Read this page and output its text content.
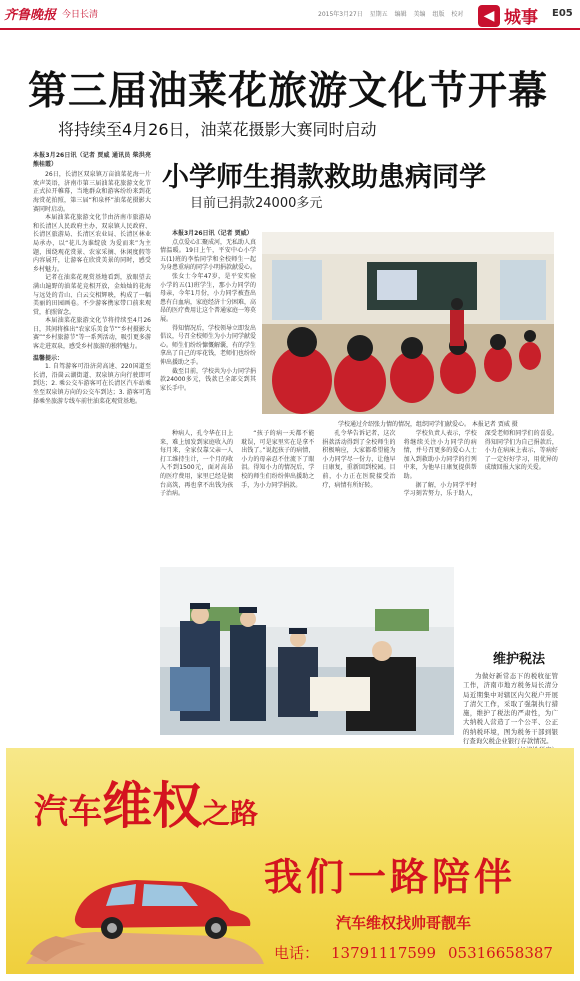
齐鲁晚报 今日长清	2015年3月27日 星期五 编辑 美编 组版 校对	◀ 城事 E05
第三届油菜花旅游文化节开幕
将持续至4月26日，油菜花摄影大赛同时启动
本报3月26日讯（记者 贾威 通讯员 柴洪亮 熊桂霞）

26日，长清区双泉镇万亩油菜花海一片欢声笑语，济南市第三届油菜花旅游文化节正式拉开帷幕，当地群众和游客纷纷来到花海赏花拍照，第三届“和泉杯”油菜花摄影大赛同时启动。

本届油菜花旅游文化节由济南市旅游局和长清区人民政府主办，双泉镇人民政府、长清区旅游局、长清区农业局、长清区林业局承办，以“花儿为谁绽放 为爱而来”为主题，围绕观花赏景、农家采摘、休闲度假等内容展开，让游客在欣赏美景的同时，感受乡村魅力。

记者在油菜花观赏基地看到，放眼望去满山遍野的油菜花竞相开放，金灿灿的花海与远处的青山、白云交相辉映，构成了一幅美丽的田园画卷。不少游客携家带口前来观赏，拍照留念。

本届油菜花旅游文化节将持续至4月26日，其间将推出“农家乐美食节”“乡村摄影大赛”“乡村旅游节”等一系列活动，吸引更多游客走进双泉，感受乡村旅游的独特魅力。

温馨提示：

1. 自驾游客可沿济菏高速、220国道至长清，沿崮云湖街道、双泉镇方向行驶即可到达；2. 乘公交车游客可在长清区汽车站乘坐至双泉镇方向的公交车到达；3. 游客可选择乘坐旅游专线车前往油菜花观赏基地。

小学师生捐款救助患病同学
目前已捐款24000多元

本报3月26日讯（记者 贾威）

点点爱心汇聚成河，无私助人真情温暖。19日上午，平安中心小学五(1)班的李怡同学和全校师生一起为身患重病的同学小明捐款献爱心。

张女士今年47岁，是平安实验小学的五(1)班学生，那小力同学的母亲，今年1月份，小力同学被查出患有白血病，家庭经济十分困难，高昂的医疗费用让这个普通家庭一筹莫展。

得知情况后，学校领导立即发出倡议，号召全校师生为小力同学献爱心。师生们纷纷慷慨解囊，有的学生拿出了自己的零花钱，老师们也纷纷伸出援助之手。

截至目前，学校共为小力同学捐款24000多元，钱款已全部交到其家长手中。

学校通过介绍张力情的情况，组织同学们献爱心。 本报记者 贾威 摄

种病人，孔令华在日上来，难上加发到家庭收入的每月来，全家仅靠父亲一人打工维持生计，一个月的收入不到1500元，面对高昂的医疗费用，家里已经是债台高筑，再也拿不出钱为孩子治病。

“孩子的病一天都不能耽误，可是家里实在是拿不出钱了。”说起孩子的病情，小力的母亲忍不住流下了眼泪。得知小力的情况后，学校的师生们纷纷伸出援助之手，为小力同学捐款。

孔令华告诉记者，这次捐款活动得到了全校师生的积极响应，大家都希望能为小力同学尽一份力，让他早日康复，重新回到校园。目前，小力正在医院接受治疗，病情有所好转。

学校负责人表示，学校将继续关注小力同学的病情，并号召更多的爱心人士加入到救助小力同学的行列中来，为他早日康复提供帮助。

据了解，小力同学平时学习刻苦努力，乐于助人，深受老师和同学们的喜爱。得知同学们为自己捐款后，小力在病床上表示，等病好了一定好好学习，用优异的成绩回报大家的关爱。

维护税法

为做好新常态下的税收征管工作，济南市地方税务局长清分局近期集中对辖区内欠税户开展了清欠工作，采取了强制执行措施，维护了税法的严肃性，为广大纳税人营造了一个公平、公正的纳税环境，图为税务干部到银行查询欠税企业银行存款情况。

汽车维权之路
我们一路陪伴
汽车维权找帅哥靓车
电话： 13791117599 05316658387
